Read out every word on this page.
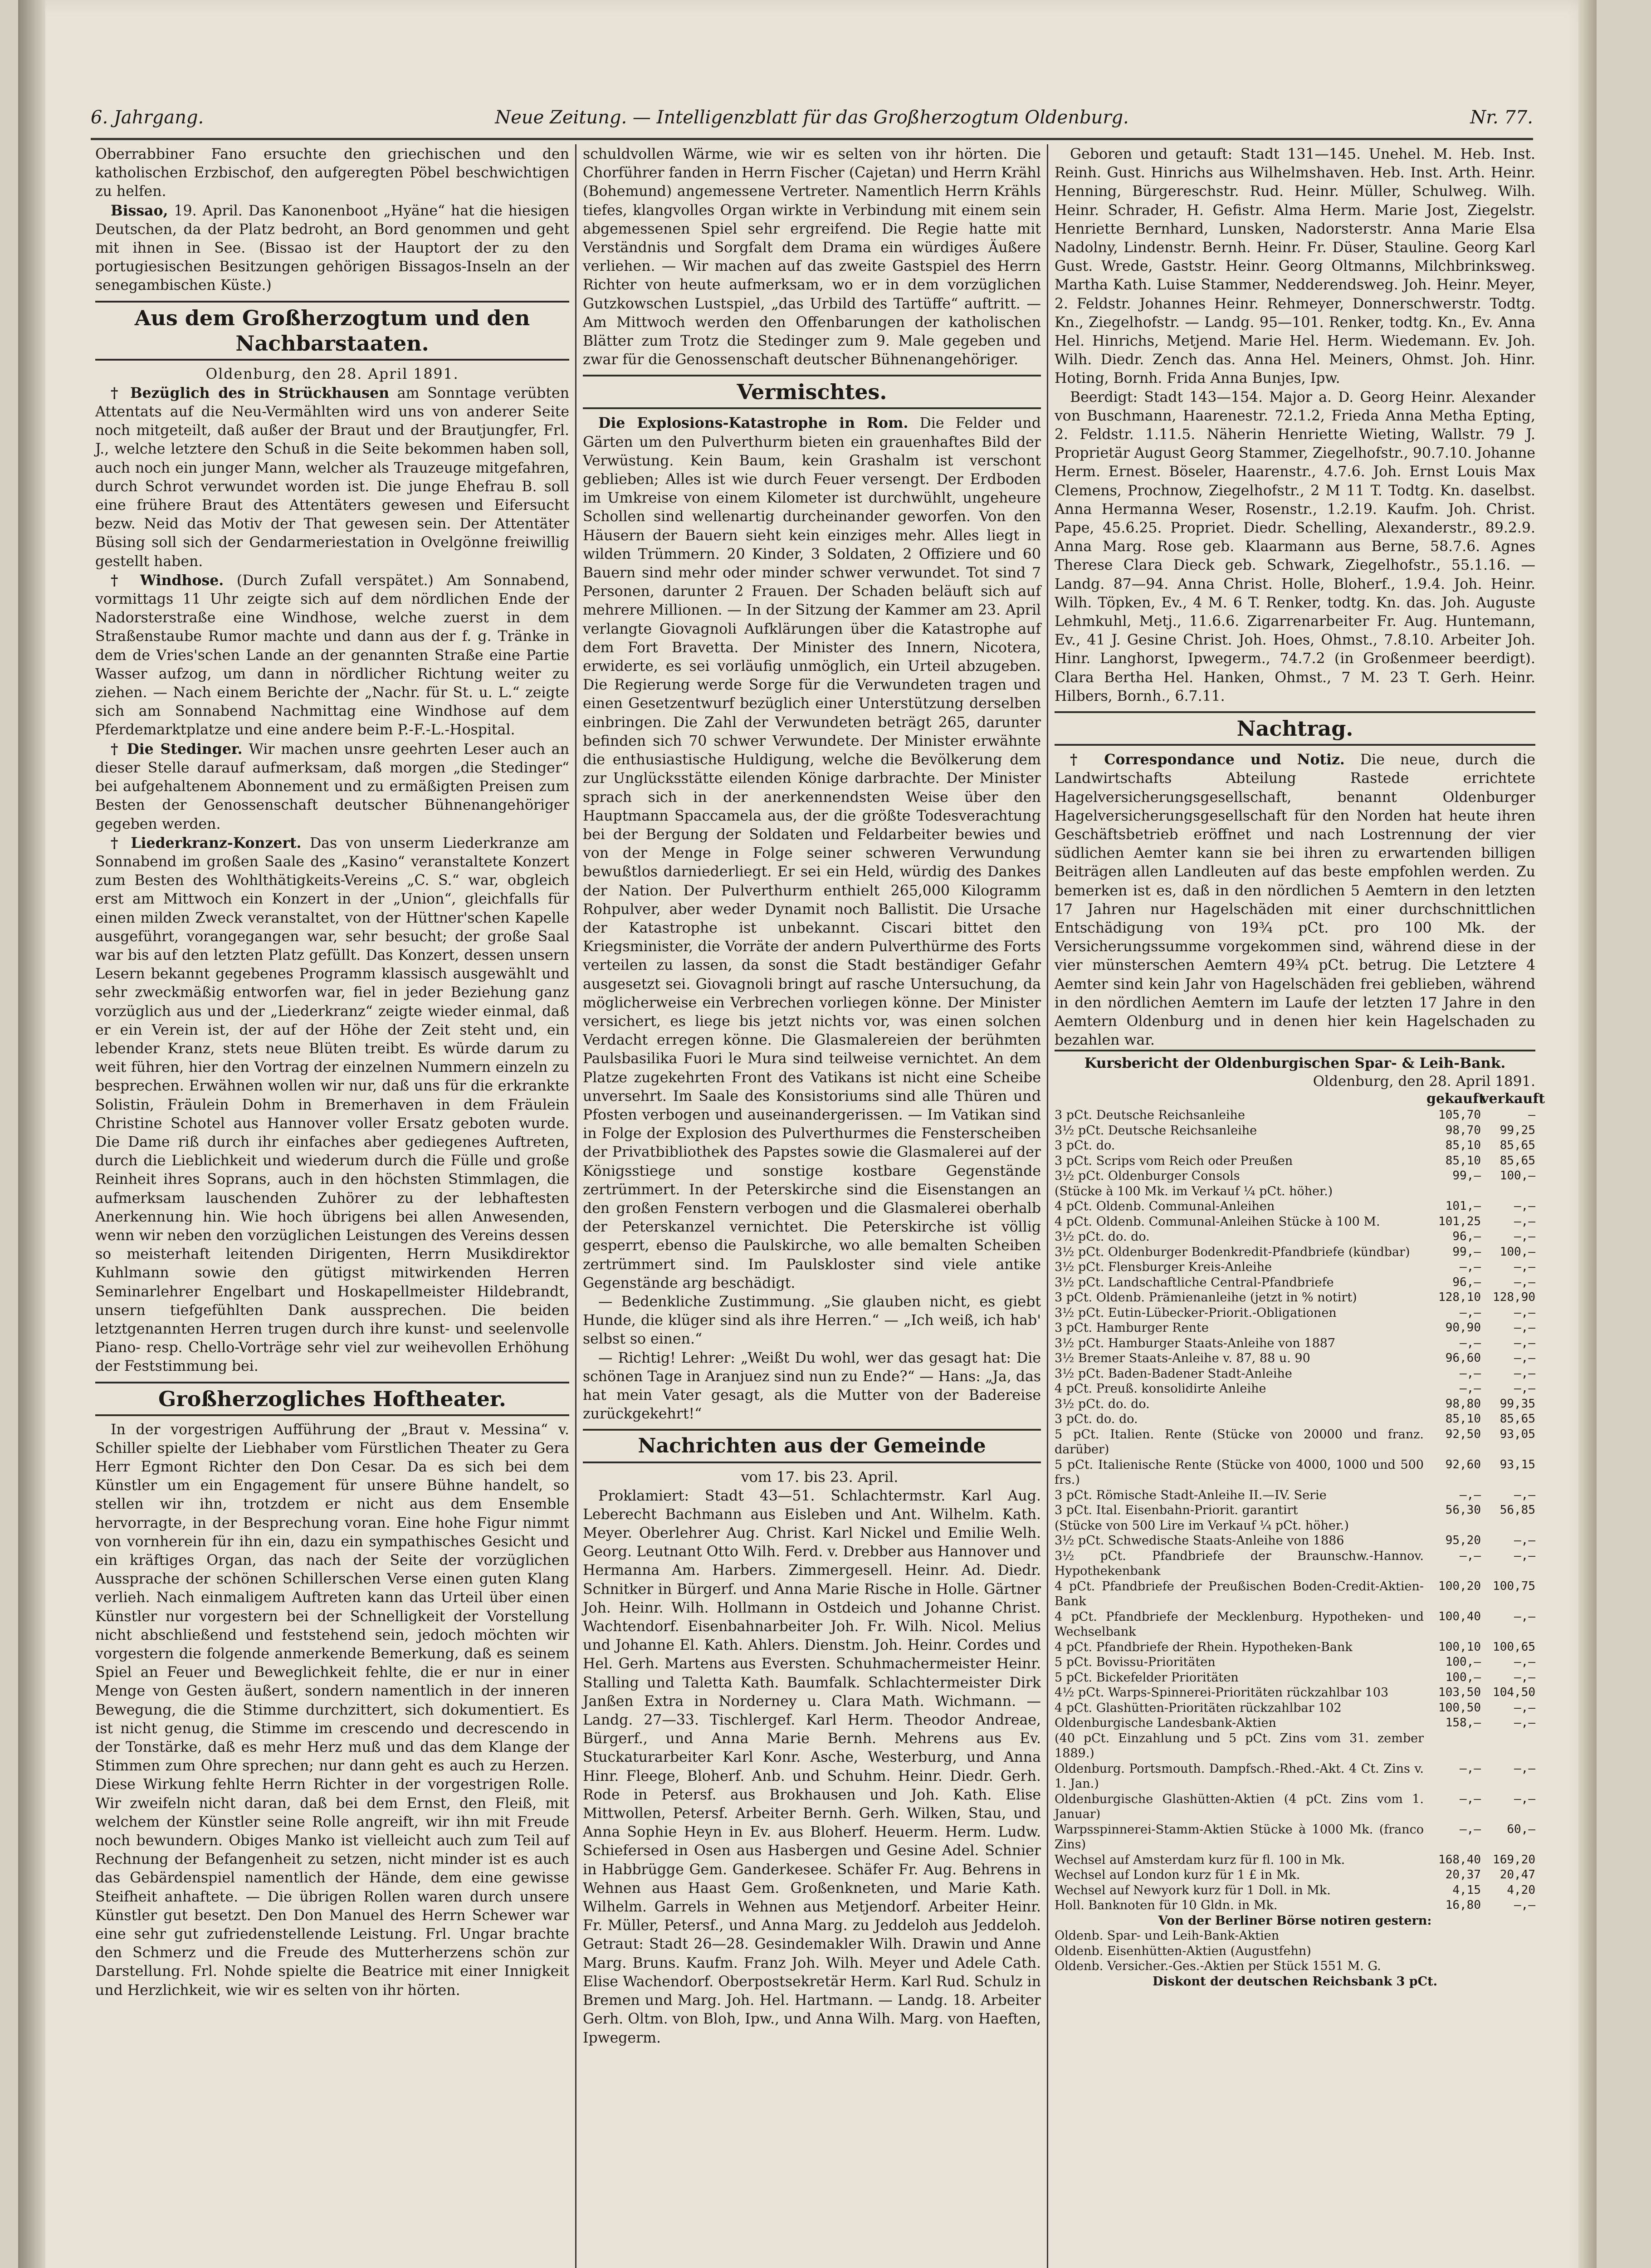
6. Jahrgang.	Neue Zeitung. — Intelligenzblatt für das Großherzogtum Oldenburg.	Nr. 77.

Oberrabbiner Fano ersuchte den griechischen und den katholischen Erzbischof, den aufgeregten Pöbel beschwichtigen zu helfen.

Bissao, 19. April. Das Kanonenboot „Hyäne“ hat die hiesigen Deutschen, da der Platz bedroht, an Bord genommen und geht mit ihnen in See. (Bissao ist der Hauptort der zu den portugiesischen Besitzungen gehörigen Bissagos-Inseln an der senegambischen Küste.)

Aus dem Großherzogtum und den Nachbarstaaten.

Oldenburg, den 28. April 1891.

† Bezüglich des in Strückhausen am Sonntage verübten Attentats auf die Neu-Vermählten wird uns von anderer Seite noch mitgeteilt, daß außer der Braut und der Brautjungfer, Frl. J., welche letztere den Schuß in die Seite bekommen haben soll, auch noch ein junger Mann, welcher als Trauzeuge mitgefahren, durch Schrot verwundet worden ist. Die junge Ehefrau B. soll eine frühere Braut des Attentäters gewesen und Eifersucht bezw. Neid das Motiv der That gewesen sein. Der Attentäter Büsing soll sich der Gendarmeriestation in Ovelgönne freiwillig gestellt haben.

† Windhose. (Durch Zufall verspätet.) Am Sonnabend, vormittags 11 Uhr zeigte sich auf dem nördlichen Ende der Nadorsterstraße eine Windhose, welche zuerst in dem Straßenstaube Rumor machte und dann aus der f. g. Tränke in dem de Vries'schen Lande an der genannten Straße eine Partie Wasser aufzog, um dann in nördlicher Richtung weiter zu ziehen. — Nach einem Berichte der „Nachr. für St. u. L.“ zeigte sich am Sonnabend Nachmittag eine Windhose auf dem Pferdemarktplatze und eine andere beim P.-F.-L.-Hospital.

† Die Stedinger. Wir machen unsre geehrten Leser auch an dieser Stelle darauf aufmerksam, daß morgen „die Stedinger“ bei aufgehaltenem Abonnement und zu ermäßigten Preisen zum Besten der Genossenschaft deutscher Bühnenangehöriger gegeben werden.

† Liederkranz-Konzert. Das von unserm Liederkranze am Sonnabend im großen Saale des „Kasino“ veranstaltete Konzert zum Besten des Wohlthätigkeits-Vereins „C. S.“ war, obgleich erst am Mittwoch ein Konzert in der „Union“, gleichfalls für einen milden Zweck veranstaltet, von der Hüttner'schen Kapelle ausgeführt, vorangegangen war, sehr besucht; der große Saal war bis auf den letzten Platz gefüllt. Das Konzert, dessen unsern Lesern bekannt gegebenes Programm klassisch ausgewählt und sehr zweckmäßig entworfen war, fiel in jeder Beziehung ganz vorzüglich aus und der „Liederkranz“ zeigte wieder einmal, daß er ein Verein ist, der auf der Höhe der Zeit steht und, ein lebender Kranz, stets neue Blüten treibt. Es würde darum zu weit führen, hier den Vortrag der einzelnen Nummern einzeln zu besprechen. Erwähnen wollen wir nur, daß uns für die erkrankte Solistin, Fräulein Dohm in Bremerhaven in dem Fräulein Christine Schotel aus Hannover voller Ersatz geboten wurde. Die Dame riß durch ihr einfaches aber gediegenes Auftreten, durch die Lieblichkeit und wiederum durch die Fülle und große Reinheit ihres Soprans, auch in den höchsten Stimmlagen, die aufmerksam lauschenden Zuhörer zu der lebhaftesten Anerkennung hin. Wie hoch übrigens bei allen Anwesenden, wenn wir neben den vorzüglichen Leistungen des Vereins dessen so meisterhaft leitenden Dirigenten, Herrn Musikdirektor Kuhlmann sowie den gütigst mitwirkenden Herren Seminarlehrer Engelbart und Hoskapellmeister Hildebrandt, unsern tiefgefühlten Dank aussprechen. Die beiden letztgenannten Herren trugen durch ihre kunst- und seelenvolle Piano- resp. Chello-Vorträge sehr viel zur weihevollen Erhöhung der Feststimmung bei.

Großherzogliches Hoftheater.

In der vorgestrigen Aufführung der „Braut v. Messina“ v. Schiller spielte der Liebhaber vom Fürstlichen Theater zu Gera Herr Egmont Richter den Don Cesar. Da es sich bei dem Künstler um ein Engagement für unsere Bühne handelt, so stellen wir ihn, trotzdem er nicht aus dem Ensemble hervorragte, in der Besprechung voran. Eine hohe Figur nimmt von vornherein für ihn ein, dazu ein sympathisches Gesicht und ein kräftiges Organ, das nach der Seite der vorzüglichen Aussprache der schönen Schillerschen Verse einen guten Klang verlieh. Nach einmaligem Auftreten kann das Urteil über einen Künstler nur vorgestern bei der Schnelligkeit der Vorstellung nicht abschließend und feststehend sein, jedoch möchten wir vorgestern die folgende anmerkende Bemerkung, daß es seinem Spiel an Feuer und Beweglichkeit fehlte, die er nur in einer Menge von Gesten äußert, sondern namentlich in der inneren Bewegung, die die Stimme durchzittert, sich dokumentiert. Es ist nicht genug, die Stimme im crescendo und decrescendo in der Tonstärke, daß es mehr Herz muß und das dem Klange der Stimmen zum Ohre sprechen; nur dann geht es auch zu Herzen. Diese Wirkung fehlte Herrn Richter in der vorgestrigen Rolle. Wir zweifeln nicht daran, daß bei dem Ernst, den Fleiß, mit welchem der Künstler seine Rolle angreift, wir ihn mit Freude noch bewundern. Obiges Manko ist vielleicht auch zum Teil auf Rechnung der Befangenheit zu setzen, nicht minder ist es auch das Gebärdenspiel namentlich der Hände, dem eine gewisse Steifheit anhaftete. — Die übrigen Rollen waren durch unsere Künstler gut besetzt. Den Don Manuel des Herrn Schewer war eine sehr gut zufriedenstellende Leistung. Frl. Ungar brachte den Schmerz und die Freude des Mutterherzens schön zur Darstellung. Frl. Nohde spielte die Beatrice mit einer Innigkeit und Herzlichkeit, wie wir es selten von ihr hörten.

schuldvollen Wärme, wie wir es selten von ihr hörten. Die Chorführer fanden in Herrn Fischer (Cajetan) und Herrn Krähl (Bohemund) angemessene Vertreter. Namentlich Herrn Krähls tiefes, klangvolles Organ wirkte in Verbindung mit einem sein abgemessenen Spiel sehr ergreifend. Die Regie hatte mit Verständnis und Sorgfalt dem Drama ein würdiges Äußere verliehen. — Wir machen auf das zweite Gastspiel des Herrn Richter von heute aufmerksam, wo er in dem vorzüglichen Gutzkowschen Lustspiel, „das Urbild des Tartüffe“ auftritt. — Am Mittwoch werden den Offenbarungen der katholischen Blätter zum Trotz die Stedinger zum 9. Male gegeben und zwar für die Genossenschaft deutscher Bühnenangehöriger.

Vermischtes.

Die Explosions-Katastrophe in Rom. Die Felder und Gärten um den Pulverthurm bieten ein grauenhaftes Bild der Verwüstung. Kein Baum, kein Grashalm ist verschont geblieben; Alles ist wie durch Feuer versengt. Der Erdboden im Umkreise von einem Kilometer ist durchwühlt, ungeheure Schollen sind wellenartig durcheinander geworfen. Von den Häusern der Bauern sieht kein einziges mehr. Alles liegt in wilden Trümmern. 20 Kinder, 3 Soldaten, 2 Offiziere und 60 Bauern sind mehr oder minder schwer verwundet. Tot sind 7 Personen, darunter 2 Frauen. Der Schaden beläuft sich auf mehrere Millionen. — In der Sitzung der Kammer am 23. April verlangte Giovagnoli Aufklärungen über die Katastrophe auf dem Fort Bravetta. Der Minister des Innern, Nicotera, erwiderte, es sei vorläufig unmöglich, ein Urteil abzugeben. Die Regierung werde Sorge für die Verwundeten tragen und einen Gesetzentwurf bezüglich einer Unterstützung derselben einbringen. Die Zahl der Verwundeten beträgt 265, darunter befinden sich 70 schwer Verwundete. Der Minister erwähnte die enthusiastische Huldigung, welche die Bevölkerung dem zur Unglücksstätte eilenden Könige darbrachte. Der Minister sprach sich in der anerkennendsten Weise über den Hauptmann Spaccamela aus, der die größte Todesverachtung bei der Bergung der Soldaten und Feldarbeiter bewies und von der Menge in Folge seiner schweren Verwundung bewußtlos darniederliegt. Er sei ein Held, würdig des Dankes der Nation. Der Pulverthurm enthielt 265,000 Kilogramm Rohpulver, aber weder Dynamit noch Ballistit. Die Ursache der Katastrophe ist unbekannt. Ciscari bittet den Kriegsminister, die Vorräte der andern Pulverthürme des Forts verteilen zu lassen, da sonst die Stadt beständiger Gefahr ausgesetzt sei. Giovagnoli bringt auf rasche Untersuchung, da möglicherweise ein Verbrechen vorliegen könne. Der Minister versichert, es liege bis jetzt nichts vor, was einen solchen Verdacht erregen könne. Die Glasmalereien der berühmten Paulsbasilika Fuori le Mura sind teilweise vernichtet. An dem Platze zugekehrten Front des Vatikans ist nicht eine Scheibe unversehrt. Im Saale des Konsistoriums sind alle Thüren und Pfosten verbogen und auseinandergerissen. — Im Vatikan sind in Folge der Explosion des Pulverthurmes die Fensterscheiben der Privatbibliothek des Papstes sowie die Glasmalerei auf der Königsstiege und sonstige kostbare Gegenstände zertrümmert. In der Peterskirche sind die Eisenstangen an den großen Fenstern verbogen und die Glasmalerei oberhalb der Peterskanzel vernichtet. Die Peterskirche ist völlig gesperrt, ebenso die Paulskirche, wo alle bemalten Scheiben zertrümmert sind. Im Paulskloster sind viele antike Gegenstände arg beschädigt.

— Bedenkliche Zustimmung. „Sie glauben nicht, es giebt Hunde, die klüger sind als ihre Herren.“ — „Ich weiß, ich hab' selbst so einen.“

— Richtig! Lehrer: „Weißt Du wohl, wer das gesagt hat: Die schönen Tage in Aranjuez sind nun zu Ende?“ — Hans: „Ja, das hat mein Vater gesagt, als die Mutter von der Badereise zurückgekehrt!“

Nachrichten aus der Gemeinde

vom 17. bis 23. April.

Proklamiert: Stadt 43—51. Schlachtermstr. Karl Aug. Leberecht Bachmann aus Eisleben und Ant. Wilhelm. Kath. Meyer. Oberlehrer Aug. Christ. Karl Nickel und Emilie Welh. Georg. Leutnant Otto Wilh. Ferd. v. Drebber aus Hannover und Hermanna Am. Harbers. Zimmergesell. Heinr. Ad. Diedr. Schnitker in Bürgerf. und Anna Marie Rische in Holle. Gärtner Joh. Heinr. Wilh. Hollmann in Ostdeich und Johanne Christ. Wachtendorf. Eisenbahnarbeiter Joh. Fr. Wilh. Nicol. Melius und Johanne El. Kath. Ahlers. Dienstm. Joh. Heinr. Cordes und Hel. Gerh. Martens aus Eversten. Schuhmachermeister Heinr. Stalling und Taletta Kath. Baumfalk. Schlachtermeister Dirk Janßen Extra in Norderney u. Clara Math. Wichmann. — Landg. 27—33. Tischlergef. Karl Herm. Theodor Andreae, Bürgerf., und Anna Marie Bernh. Mehrens aus Ev. Stuckaturarbeiter Karl Konr. Asche, Westerburg, und Anna Hinr. Fleege, Bloherf. Anb. und Schuhm. Heinr. Diedr. Gerh. Rode in Petersf. aus Brokhausen und Joh. Kath. Elise Mittwollen, Petersf. Arbeiter Bernh. Gerh. Wilken, Stau, und Anna Sophie Heyn in Ev. aus Bloherf. Heuerm. Herm. Ludw. Schiefersed in Osen aus Hasbergen und Gesine Adel. Schnier in Habbrügge Gem. Ganderkesee. Schäfer Fr. Aug. Behrens in Wehnen aus Haast Gem. Großenkneten, und Marie Kath. Wilhelm. Garrels in Wehnen aus Metjendorf. Arbeiter Heinr. Fr. Müller, Petersf., und Anna Marg. zu Jeddeloh aus Jeddeloh. Getraut: Stadt 26—28. Gesindemakler Wilh. Drawin und Anne Marg. Bruns. Kaufm. Franz Joh. Wilh. Meyer und Adele Cath. Elise Wachendorf. Oberpostsekretär Herm. Karl Rud. Schulz in Bremen und Marg. Joh. Hel. Hartmann. — Landg. 18. Arbeiter Gerh. Oltm. von Bloh, Ipw., und Anna Wilh. Marg. von Haeften, Ipwegerm.

Geboren und getauft: Stadt 131—145. Unehel. M. Heb. Inst. Reinh. Gust. Hinrichs aus Wilhelmshaven. Heb. Inst. Arth. Heinr. Henning, Bürgereschstr. Rud. Heinr. Müller, Schulweg. Wilh. Heinr. Schrader, H. Gefistr. Alma Herm. Marie Jost, Ziegelstr. Henriette Bernhard, Lunsken, Nadorsterstr. Anna Marie Elsa Nadolny, Lindenstr. Bernh. Heinr. Fr. Düser, Stauline. Georg Karl Gust. Wrede, Gaststr. Heinr. Georg Oltmanns, Milchbrinksweg. Martha Kath. Luise Stammer, Nedderendsweg. Joh. Heinr. Meyer, 2. Feldstr. Johannes Heinr. Rehmeyer, Donnerschwerstr. Todtg. Kn., Ziegelhofstr. — Landg. 95—101. Renker, todtg. Kn., Ev. Anna Hel. Hinrichs, Metjend. Marie Hel. Herm. Wiedemann. Ev. Joh. Wilh. Diedr. Zench das. Anna Hel. Meiners, Ohmst. Joh. Hinr. Hoting, Bornh. Frida Anna Bunjes, Ipw.

Beerdigt: Stadt 143—154. Major a. D. Georg Heinr. Alexander von Buschmann, Haarenestr. 72.1.2, Frieda Anna Metha Epting, 2. Feldstr. 1.11.5. Näherin Henriette Wieting, Wallstr. 79 J. Proprietär August Georg Stammer, Ziegelhofstr., 90.7.10. Johanne Herm. Ernest. Böseler, Haarenstr., 4.7.6. Joh. Ernst Louis Max Clemens, Prochnow, Ziegelhofstr., 2 M 11 T. Todtg. Kn. daselbst. Anna Hermanna Weser, Rosenstr., 1.2.19. Kaufm. Joh. Christ. Pape, 45.6.25. Propriet. Diedr. Schelling, Alexanderstr., 89.2.9. Anna Marg. Rose geb. Klaarmann aus Berne, 58.7.6. Agnes Therese Clara Dieck geb. Schwark, Ziegelhofstr., 55.1.16. — Landg. 87—94. Anna Christ. Holle, Bloherf., 1.9.4. Joh. Heinr. Wilh. Töpken, Ev., 4 M. 6 T. Renker, todtg. Kn. das. Joh. Auguste Lehmkuhl, Metj., 11.6.6. Zigarrenarbeiter Fr. Aug. Huntemann, Ev., 41 J. Gesine Christ. Joh. Hoes, Ohmst., 7.8.10. Arbeiter Joh. Hinr. Langhorst, Ipwegerm., 74.7.2 (in Großenmeer beerdigt). Clara Bertha Hel. Hanken, Ohmst., 7 M. 23 T. Gerh. Heinr. Hilbers, Bornh., 6.7.11.

Nachtrag.

† Correspondance und Notiz. Die neue, durch die Landwirtschafts Abteilung Rastede errichtete Hagelversicherungsgesellschaft, benannt Oldenburger Hagelversicherungsgesellschaft für den Norden hat heute ihren Geschäftsbetrieb eröffnet und nach Lostrennung der vier südlichen Aemter kann sie bei ihren zu erwartenden billigen Beiträgen allen Landleuten auf das beste empfohlen werden. Zu bemerken ist es, daß in den nördlichen 5 Aemtern in den letzten 17 Jahren nur Hagelschäden mit einer durchschnittlichen Entschädigung von 19¾ pCt. pro 100 Mk. der Versicherungssumme vorgekommen sind, während diese in der vier münsterschen Aemtern 49¾ pCt. betrug. Die Letztere 4 Aemter sind kein Jahr von Hagelschäden frei geblieben, während in den nördlichen Aemtern im Laufe der letzten 17 Jahre in den Aemtern Oldenburg und in denen hier kein Hagelschaden zu bezahlen war.

Kursbericht der Oldenburgischen Spar- & Leih-Bank.
Oldenburg, den 28. April 1891.
gekauftverkauft
3 pCt. Deutsche Reichsanleihe	105,70	—
3½ pCt. Deutsche Reichsanleihe	98,70	99,25
3 pCt. do.	85,10	85,65
3 pCt. Scrips vom Reich oder Preußen	85,10	85,65
3½ pCt. Oldenburger Consols	99,—	100,—
(Stücke à 100 Mk. im Verkauf ¼ pCt. höher.)		
4 pCt. Oldenb. Communal-Anleihen	101,—	—,—
4 pCt. Oldenb. Communal-Anleihen Stücke à 100 M.	101,25	—,—
3½ pCt. do. do.	96,—	—,—
3½ pCt. Oldenburger Bodenkredit-Pfandbriefe (kündbar)	99,—	100,—
3½ pCt. Flensburger Kreis-Anleihe	—,—	—,—
3½ pCt. Landschaftliche Central-Pfandbriefe	96,—	—,—
3 pCt. Oldenb. Prämienanleihe (jetzt in % notirt)	128,10	128,90
3½ pCt. Eutin-Lübecker-Priorit.-Obligationen	—,—	—,—
3 pCt. Hamburger Rente	90,90	—,—
3½ pCt. Hamburger Staats-Anleihe von 1887	—,—	—,—
3½ Bremer Staats-Anleihe v. 87, 88 u. 90	96,60	—,—
3½ pCt. Baden-Badener Stadt-Anleihe	—,—	—,—
4 pCt. Preuß. konsolidirte Anleihe	—,—	—,—
3½ pCt. do. do.	98,80	99,35
3 pCt. do. do.	85,10	85,65
5 pCt. Italien. Rente (Stücke von 20000 und franz. darüber)	92,50	93,05
5 pCt. Italienische Rente (Stücke von 4000, 1000 und 500 frs.)	92,60	93,15
3 pCt. Römische Stadt-Anleihe II.—IV. Serie	—,—	—,—
3 pCt. Ital. Eisenbahn-Priorit. garantirt	56,30	56,85
(Stücke von 500 Lire im Verkauf ¼ pCt. höher.)		
3½ pCt. Schwedische Staats-Anleihe von 1886	95,20	—,—
3½ pCt. Pfandbriefe der Braunschw.-Hannov. Hypothekenbank	—,—	—,—
4 pCt. Pfandbriefe der Preußischen Boden-Credit-Aktien-Bank	100,20	100,75
4 pCt. Pfandbriefe der Mecklenburg. Hypotheken- und Wechselbank	100,40	—,—
4 pCt. Pfandbriefe der Rhein. Hypotheken-Bank	100,10	100,65
5 pCt. Bovissu-Prioritäten	100,—	—,—
5 pCt. Bickefelder Prioritäten	100,—	—,—
4½ pCt. Warps-Spinnerei-Prioritäten rückzahlbar 103	103,50	104,50
4 pCt. Glashütten-Prioritäten rückzahlbar 102	100,50	—,—
Oldenburgische Landesbank-Aktien	158,—	—,—
(40 pCt. Einzahlung und 5 pCt. Zins vom 31. zember 1889.)		
Oldenburg. Portsmouth. Dampfsch.-Rhed.-Akt. 4 Ct. Zins v. 1. Jan.)	—,—	—,—
Oldenburgische Glashütten-Aktien (4 pCt. Zins vom 1. Januar)	—,—	—,—
Warpsspinnerei-Stamm-Aktien Stücke à 1000 Mk. (franco Zins)	—,—	60,—
Wechsel auf Amsterdam kurz für fl. 100 in Mk.	168,40	169,20
Wechsel auf London kurz für 1 £ in Mk.	20,37	20,47
Wechsel auf Newyork kurz für 1 Doll. in Mk.	4,15	4,20
Holl. Banknoten für 10 Gldn. in Mk.	16,80	—,—
Von der Berliner Börse notiren gestern:
Oldenb. Spar- und Leih-Bank-Aktien
Oldenb. Eisenhütten-Aktien (Augustfehn)
Oldenb. Versicher.-Ges.-Aktien per Stück 1551 M. G.
Diskont der deutschen Reichsbank 3 pCt.
